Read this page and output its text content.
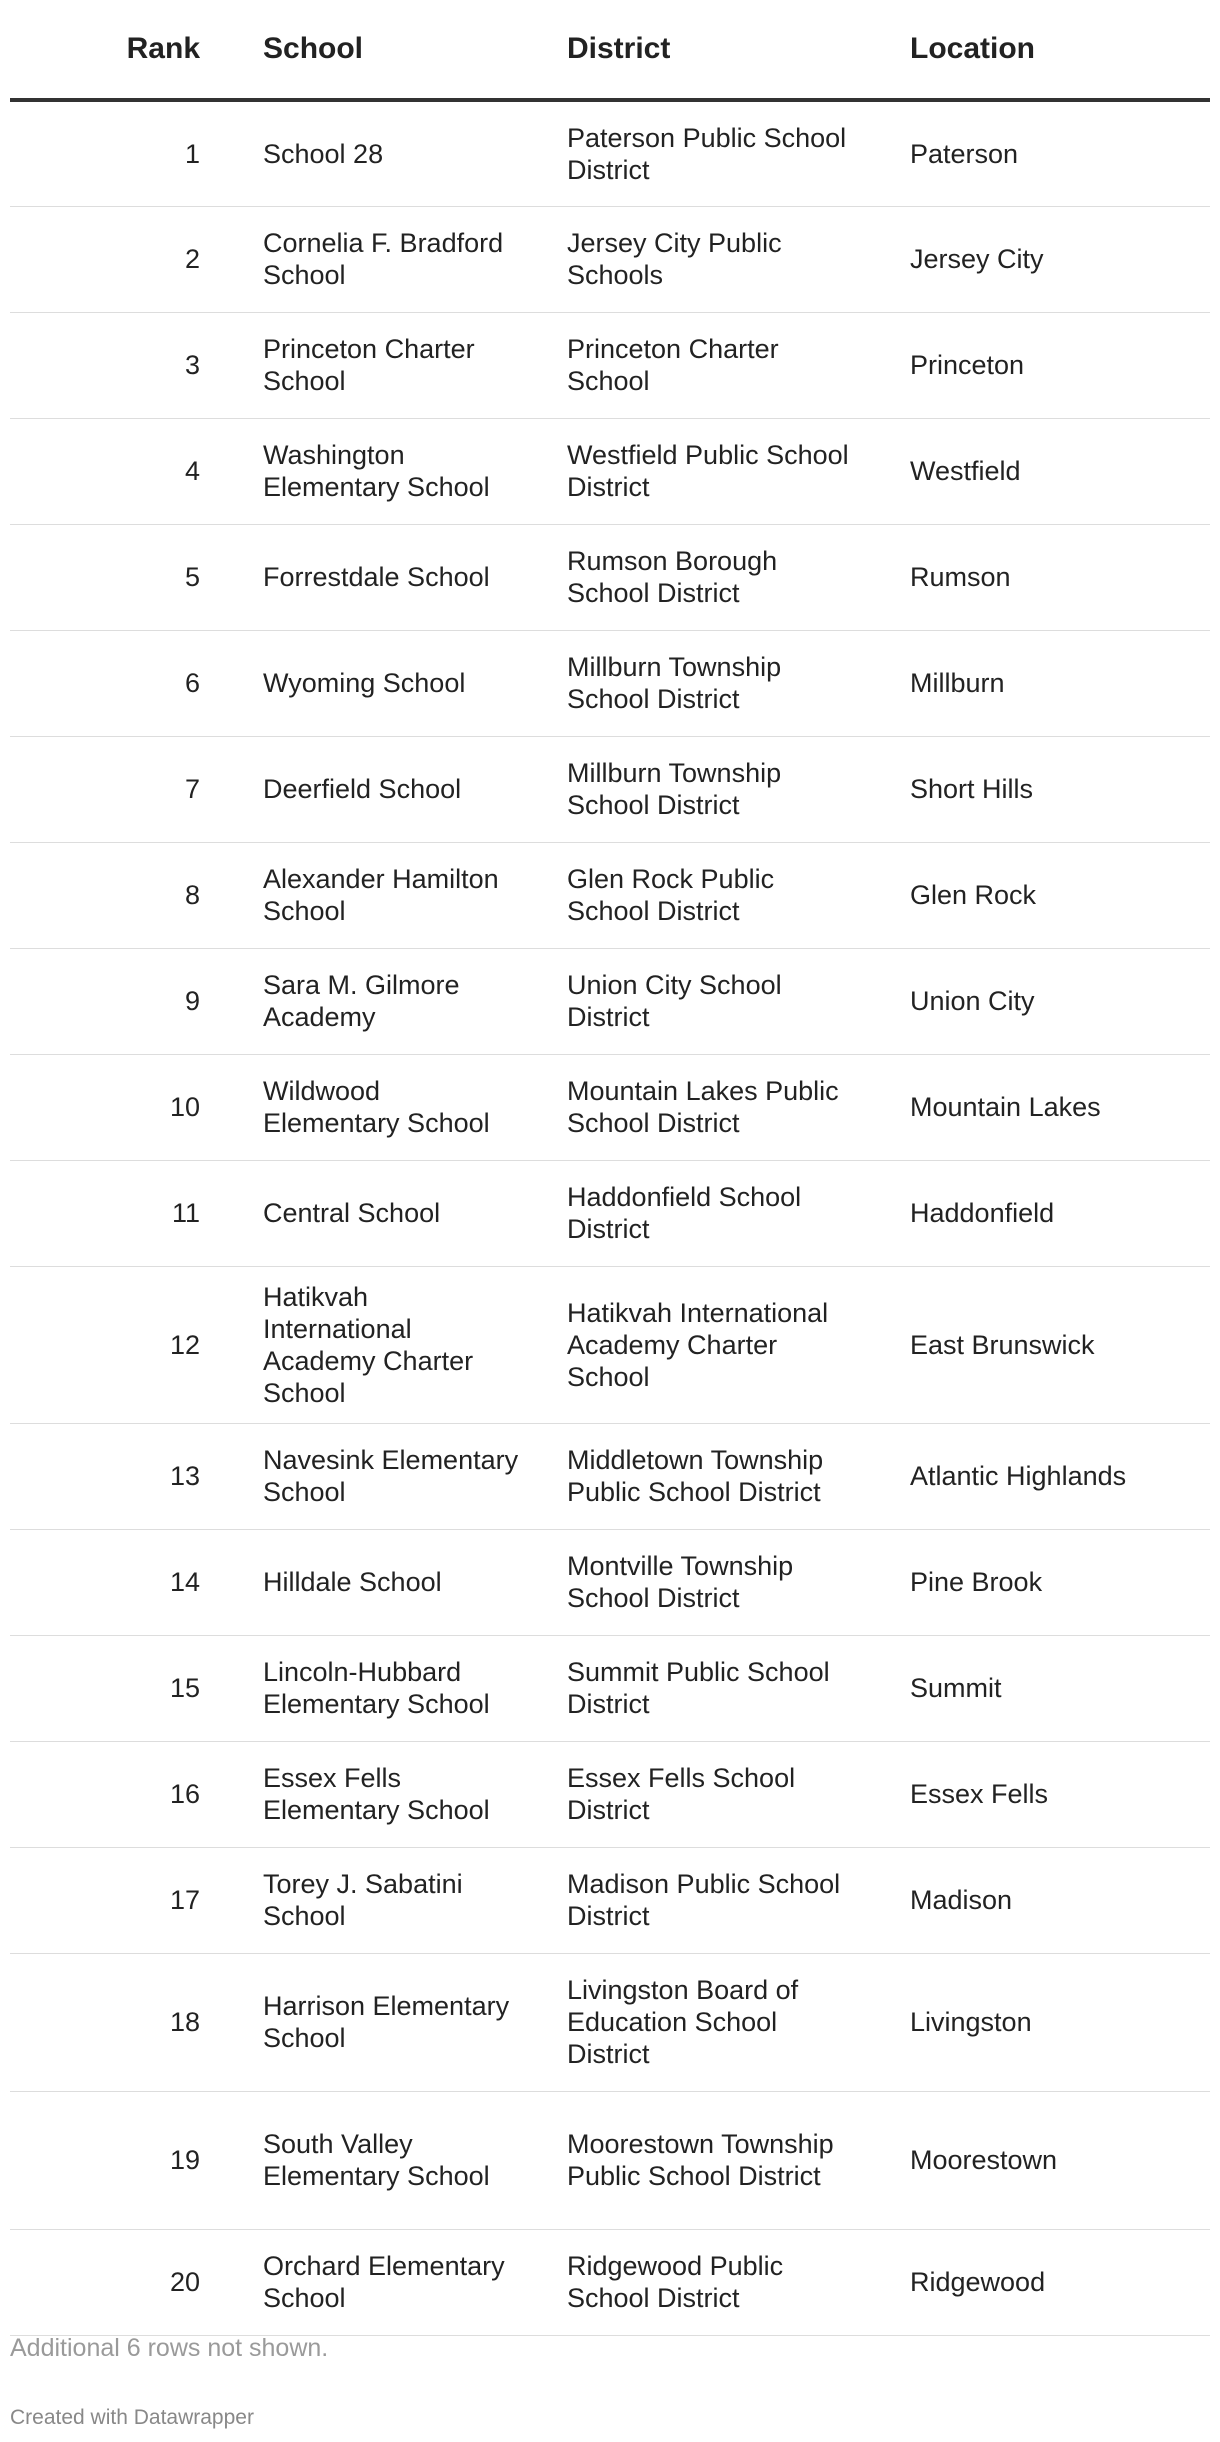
Rank	School	District	Location
1	School 28	Paterson Public School District	Paterson

2	Cornelia F. Bradford School	Jersey City Public Schools	Jersey City

3	Princeton Charter School	Princeton Charter School	Princeton

4	Washington Elementary School	Westfield Public School District	Westfield

5	Forrestdale School	Rumson Borough School District	Rumson

6	Wyoming School	Millburn Township School District	Millburn

7	Deerfield School	Millburn Township School District	Short Hills

8	Alexander Hamilton School	Glen Rock Public School District	Glen Rock

9	Sara M. Gilmore Academy	Union City School District	Union City

10	Wildwood Elementary School	Mountain Lakes Public School District	Mountain Lakes

11	Central School	Haddonfield School District	Haddonfield

12	Hatikvah International Academy Charter School	Hatikvah International Academy Charter School	East Brunswick

13	Navesink Elementary School	Middletown Township Public School District	Atlantic Highlands

14	Hilldale School	Montville Township School District	Pine Brook

15	Lincoln-Hubbard Elementary School	Summit Public School District	Summit

16	Essex Fells Elementary School	Essex Fells School District	Essex Fells

17	Torey J. Sabatini School	Madison Public School District	Madison

18	Harrison Elementary School	Livingston Board of Education School District	Livingston

19	South Valley Elementary School	Moorestown Township Public School District	Moorestown

20	Orchard Elementary School	Ridgewood Public School District	Ridgewood
Additional 6 rows not shown.
Created with Datawrapper
